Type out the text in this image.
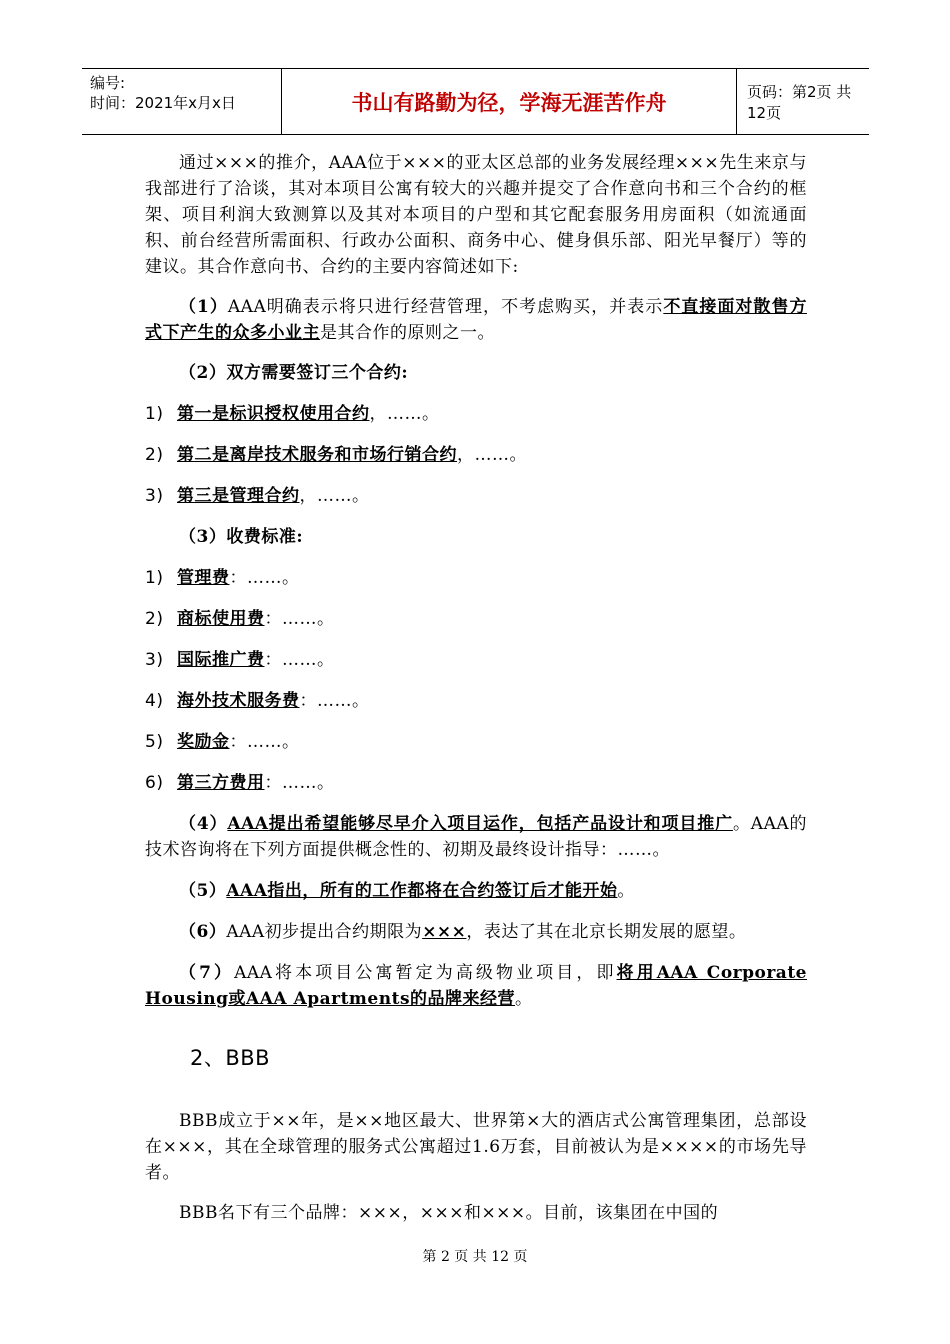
编号:
时间：2021年x月x日	书山有路勤为径，学海无涯苦作舟	页码：第2页 共12页

通过×××的推介，AAA位于×××的亚太区总部的业务发展经理×××先生来京与我部进行了洽谈，其对本项目公寓有较大的兴趣并提交了合作意向书和三个合约的框架、项目利润大致测算以及其对本项目的户型和其它配套服务用房面积（如流通面积、前台经营所需面积、行政办公面积、商务中心、健身俱乐部、阳光早餐厅）等的建议。其合作意向书、合约的主要内容简述如下:

（1）AAA明确表示将只进行经营管理，不考虑购买，并表示不直接面对散售方式下产生的众多小业主是其合作的原则之一。

（2）双方需要签订三个合约:

1) 第一是标识授权使用合约，……。

2) 第二是离岸技术服务和市场行销合约，……。

3) 第三是管理合约，……。

（3）收费标准:

1) 管理费：……。

2) 商标使用费：……。

3) 国际推广费：……。

4) 海外技术服务费：……。

5) 奖励金：……。

6) 第三方费用：……。

（4）AAA提出希望能够尽早介入项目运作，包括产品设计和项目推广。AAA的技术咨询将在下列方面提供概念性的、初期及最终设计指导：……。

（5）AAA指出，所有的工作都将在合约签订后才能开始。

（6）AAA初步提出合约期限为×××，表达了其在北京长期发展的愿望。

（7）AAA将本项目公寓暂定为高级物业项目，即将用AAA Corporate Housing或AAA Apartments的品牌来经营。

2、BBB

BBB成立于××年，是××地区最大、世界第×大的酒店式公寓管理集团，总部设在×××，其在全球管理的服务式公寓超过1.6万套，目前被认为是××××的市场先导者。

BBB名下有三个品牌：×××，×××和×××。目前，该集团在中国的

第 2 页 共 12 页
